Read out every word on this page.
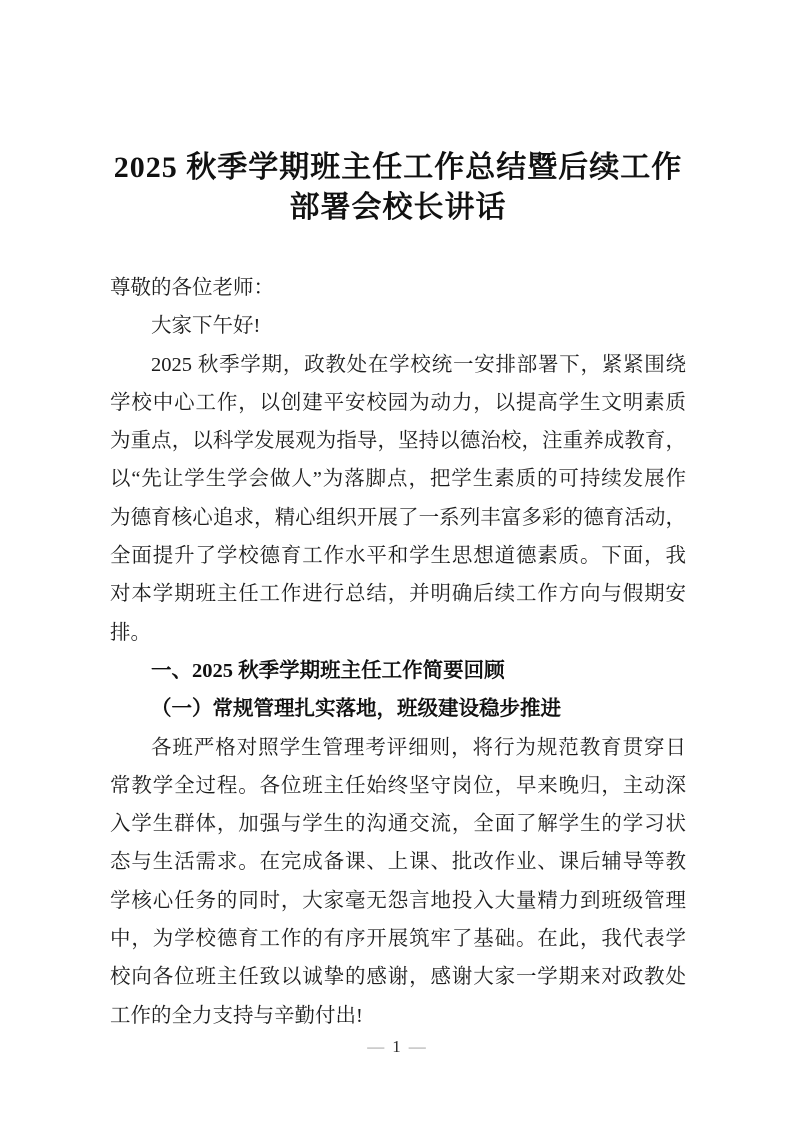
2025 秋季学期班主任工作总结暨后续工作
部署会校长讲话
尊敬的各位老师：
大家下午好!
2025 秋季学期，政教处在学校统一安排部署下，紧紧围绕
学校中心工作，以创建平安校园为动力，以提高学生文明素质
为重点，以科学发展观为指导，坚持以德治校，注重养成教育，
以“先让学生学会做人”为落脚点，把学生素质的可持续发展作
为德育核心追求，精心组织开展了一系列丰富多彩的德育活动，
全面提升了学校德育工作水平和学生思想道德素质。下面，我
对本学期班主任工作进行总结，并明确后续工作方向与假期安
排。
一、2025 秋季学期班主任工作简要回顾
（一）常规管理扎实落地，班级建设稳步推进
各班严格对照学生管理考评细则，将行为规范教育贯穿日
常教学全过程。各位班主任始终坚守岗位，早来晚归，主动深
入学生群体，加强与学生的沟通交流，全面了解学生的学习状
态与生活需求。在完成备课、上课、批改作业、课后辅导等教
学核心任务的同时，大家毫无怨言地投入大量精力到班级管理
中，为学校德育工作的有序开展筑牢了基础。在此，我代表学
校向各位班主任致以诚挚的感谢，感谢大家一学期来对政教处
工作的全力支持与辛勤付出!
— 1 —
